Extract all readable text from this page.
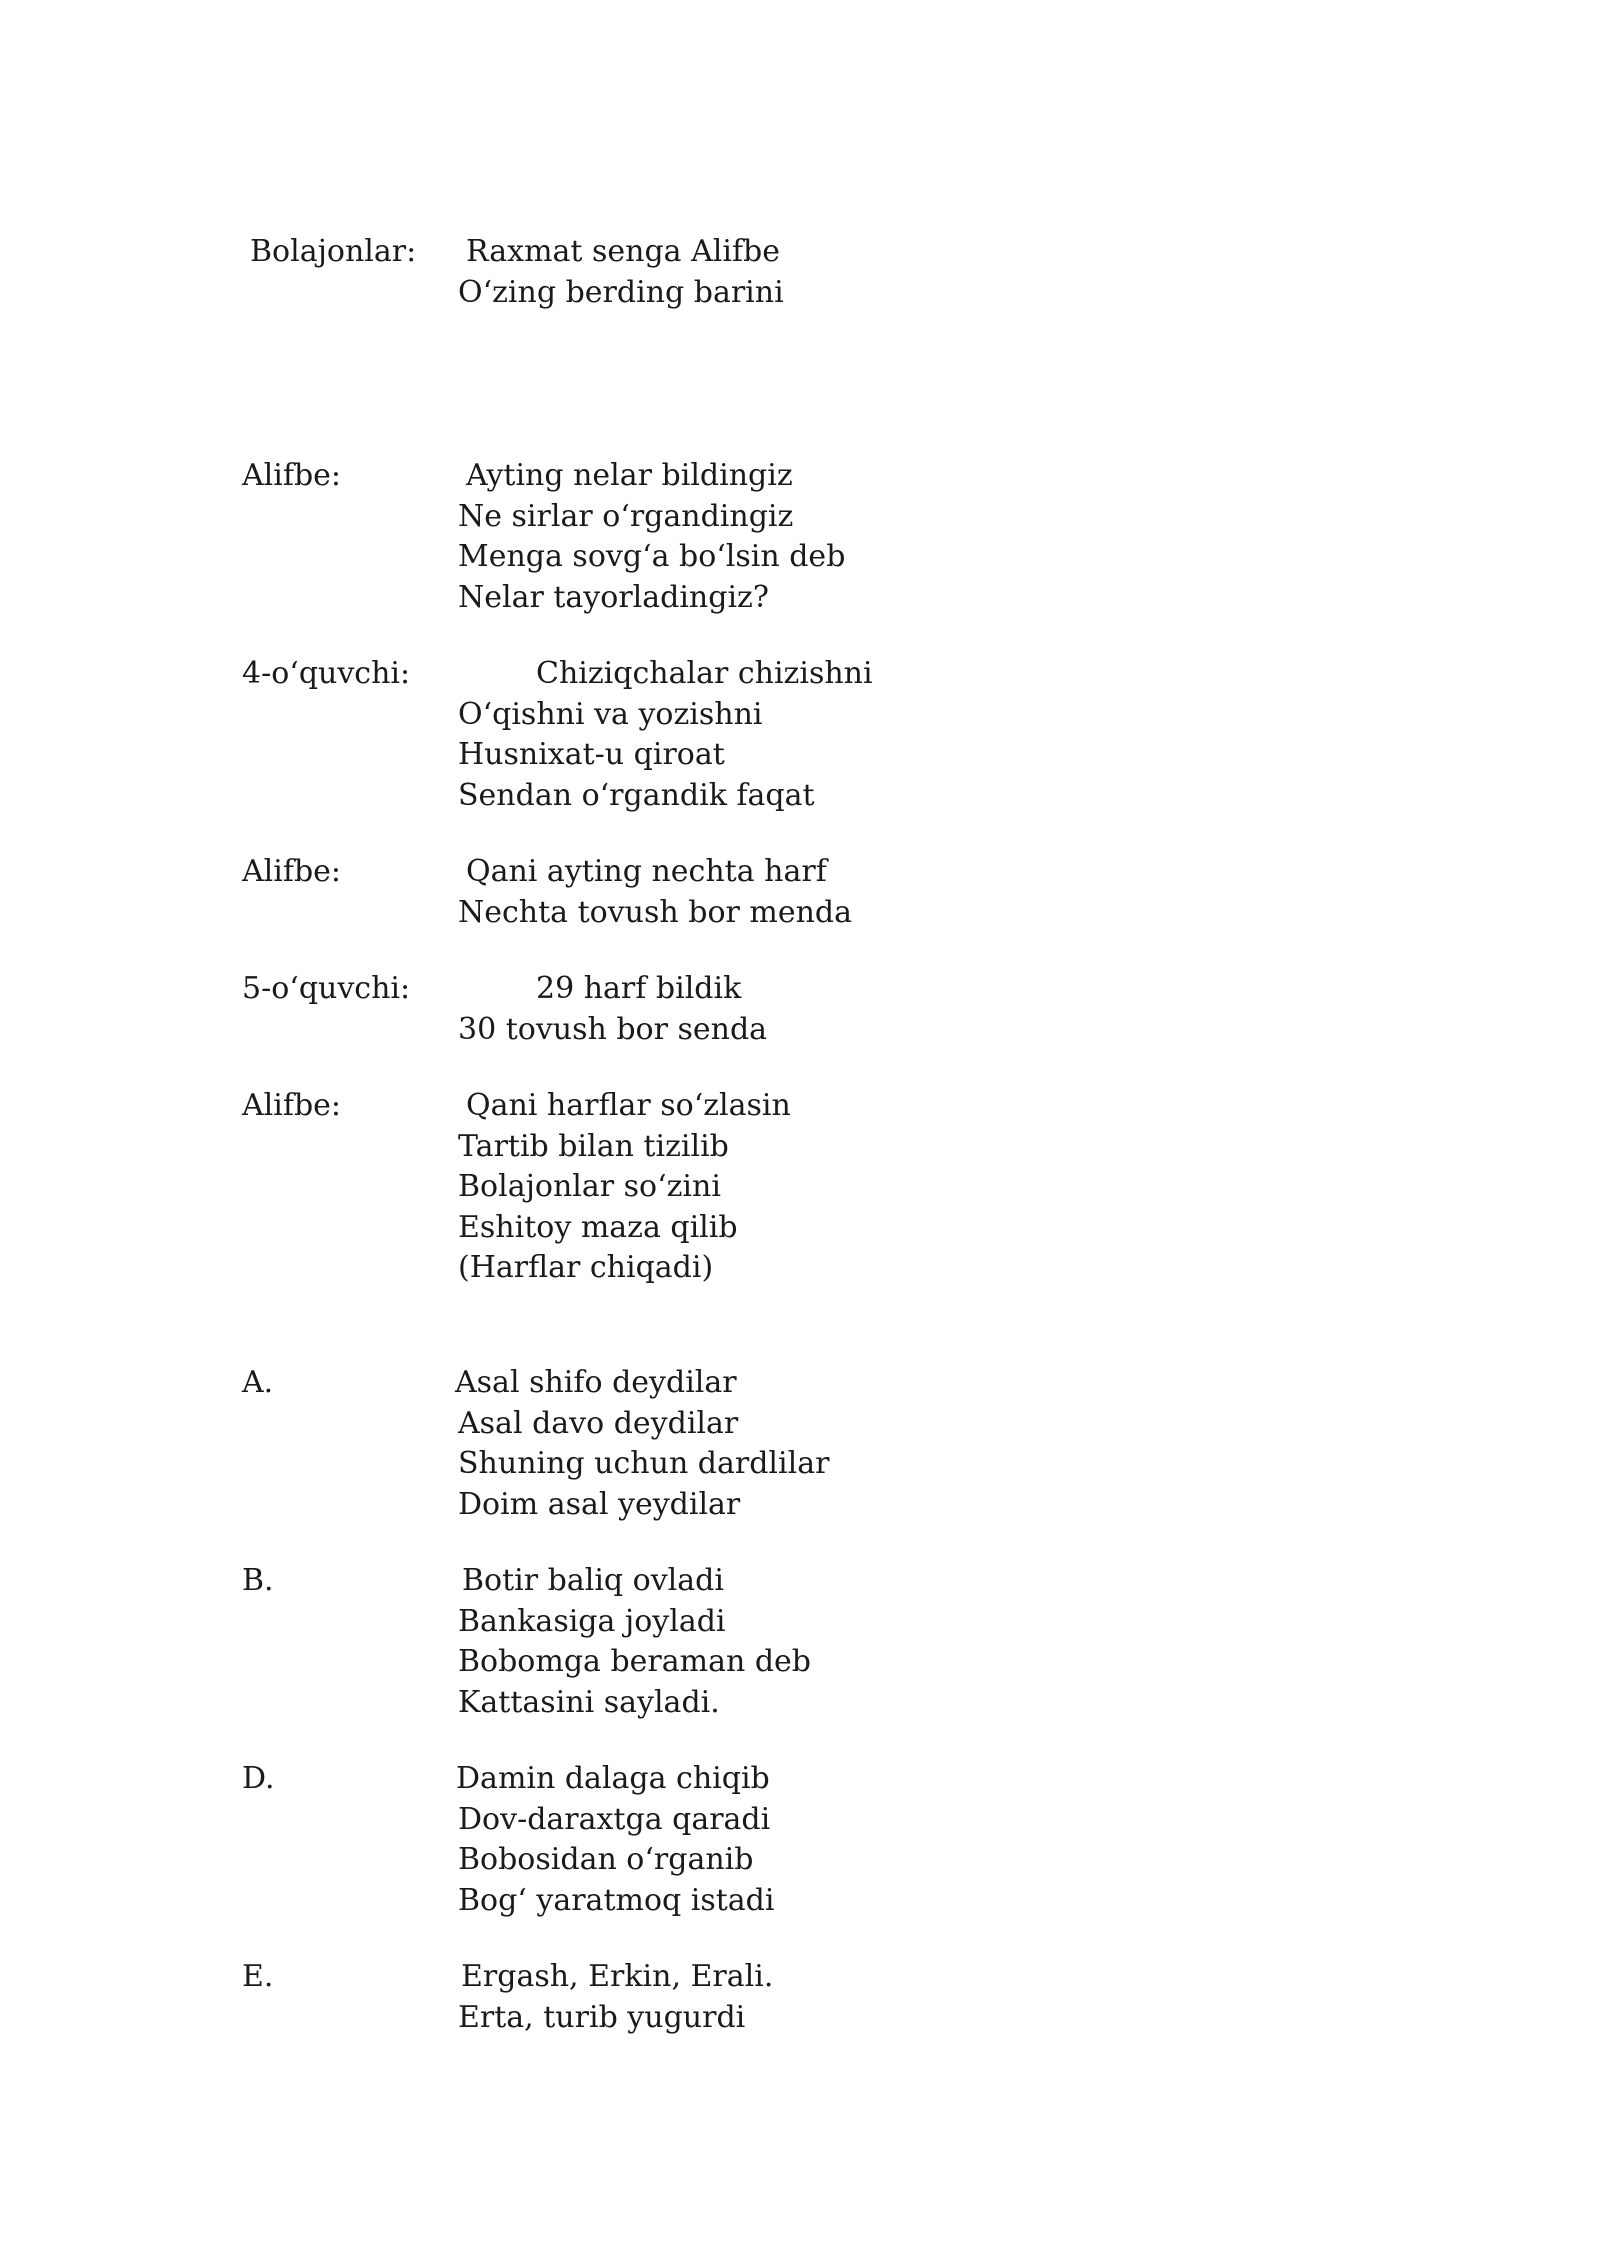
Bolajonlar: Raxmat senga Alifbe
O‘zing berding barini
Alifbe:	Ayting nelar bildingiz
Ne sirlar o‘rgandingiz
Menga sovg‘a bo‘lsin deb
Nelar tayorladingiz?
4-o‘quvchi:	Chiziqchalar chizishni
O‘qishni va yozishni
Husnixat-u qiroat
Sendan o‘rgandik faqat
Alifbe:	Qani ayting nechta harf
Nechta tovush bor menda
5-o‘quvchi:	29 harf bildik
30 tovush bor senda
Alifbe:	Qani harflar so‘zlasin
Tartib bilan tizilib
Bolajonlar so‘zini
Eshitoy maza qilib
(Harflar chiqadi)
A.	Asal shifo deydilar
Asal davo deydilar
Shuning uchun dardlilar
Doim asal yeydilar
B.	Botir baliq ovladi
Bankasiga joyladi
Bobomga beraman deb
Kattasini sayladi.
D.	Damin dalaga chiqib
Dov-daraxtga qaradi
Bobosidan o‘rganib
Bog‘ yaratmoq istadi
E.	Ergash, Erkin, Erali.
Erta, turib yugurdi
